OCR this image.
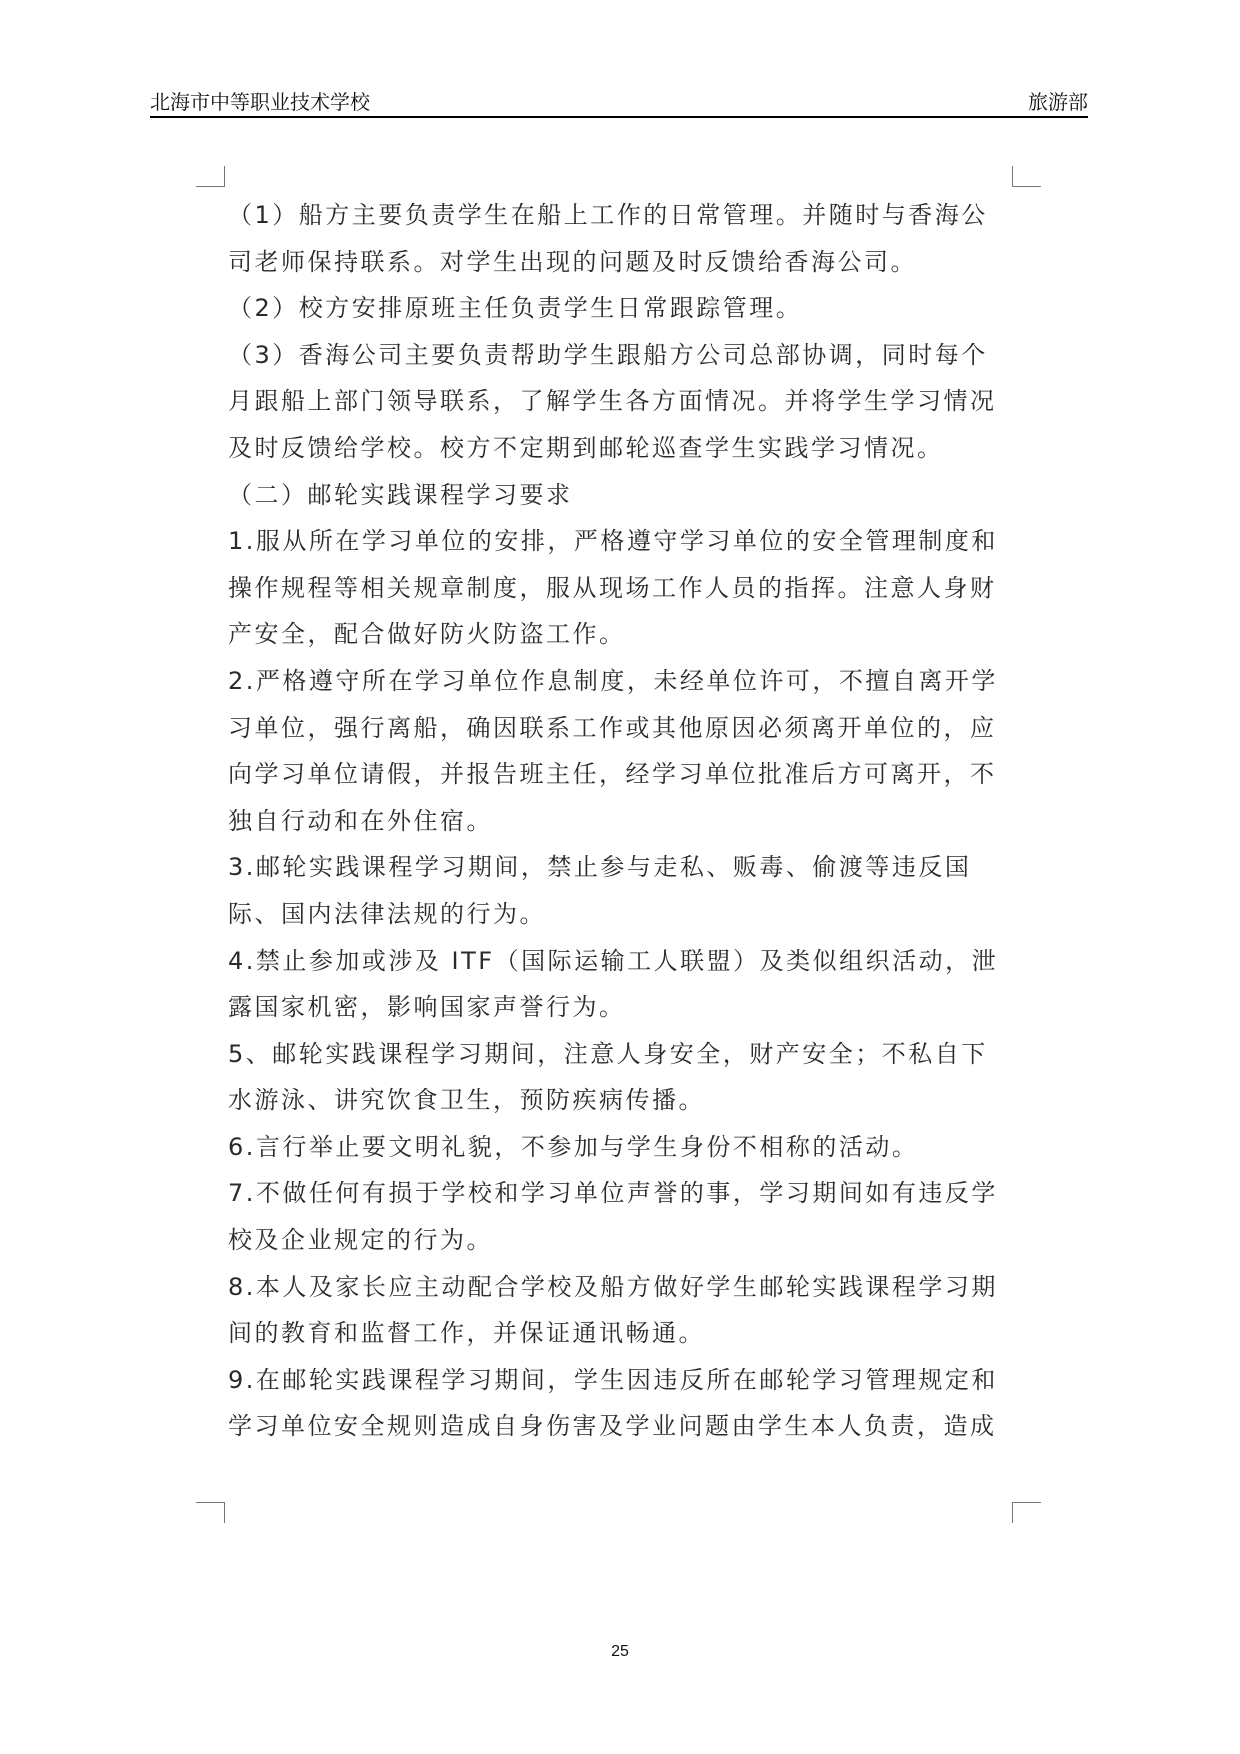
北海市中等职业技术学校	旅游部

（1）船方主要负责学生在船上工作的日常管理。并随时与香海公司老师保持联系。对学生出现的问题及时反馈给香海公司。

（2）校方安排原班主任负责学生日常跟踪管理。

（3）香海公司主要负责帮助学生跟船方公司总部协调，同时每个月跟船上部门领导联系，了解学生各方面情况。并将学生学习情况及时反馈给学校。校方不定期到邮轮巡查学生实践学习情况。

（二）邮轮实践课程学习要求

1.服从所在学习单位的安排，严格遵守学习单位的安全管理制度和操作规程等相关规章制度，服从现场工作人员的指挥。注意人身财产安全，配合做好防火防盗工作。

2.严格遵守所在学习单位作息制度，未经单位许可，不擅自离开学习单位，强行离船，确因联系工作或其他原因必须离开单位的，应向学习单位请假，并报告班主任，经学习单位批准后方可离开，不独自行动和在外住宿。

3.邮轮实践课程学习期间，禁止参与走私、贩毒、偷渡等违反国际、国内法律法规的行为。

4.禁止参加或涉及 ITF（国际运输工人联盟）及类似组织活动，泄露国家机密，影响国家声誉行为。

5、邮轮实践课程学习期间，注意人身安全，财产安全；不私自下水游泳、讲究饮食卫生，预防疾病传播。

6.言行举止要文明礼貌，不参加与学生身份不相称的活动。

7.不做任何有损于学校和学习单位声誉的事，学习期间如有违反学校及企业规定的行为。

8.本人及家长应主动配合学校及船方做好学生邮轮实践课程学习期间的教育和监督工作，并保证通讯畅通。

9.在邮轮实践课程学习期间，学生因违反所在邮轮学习管理规定和学习单位安全规则造成自身伤害及学业问题由学生本人负责，造成

25
